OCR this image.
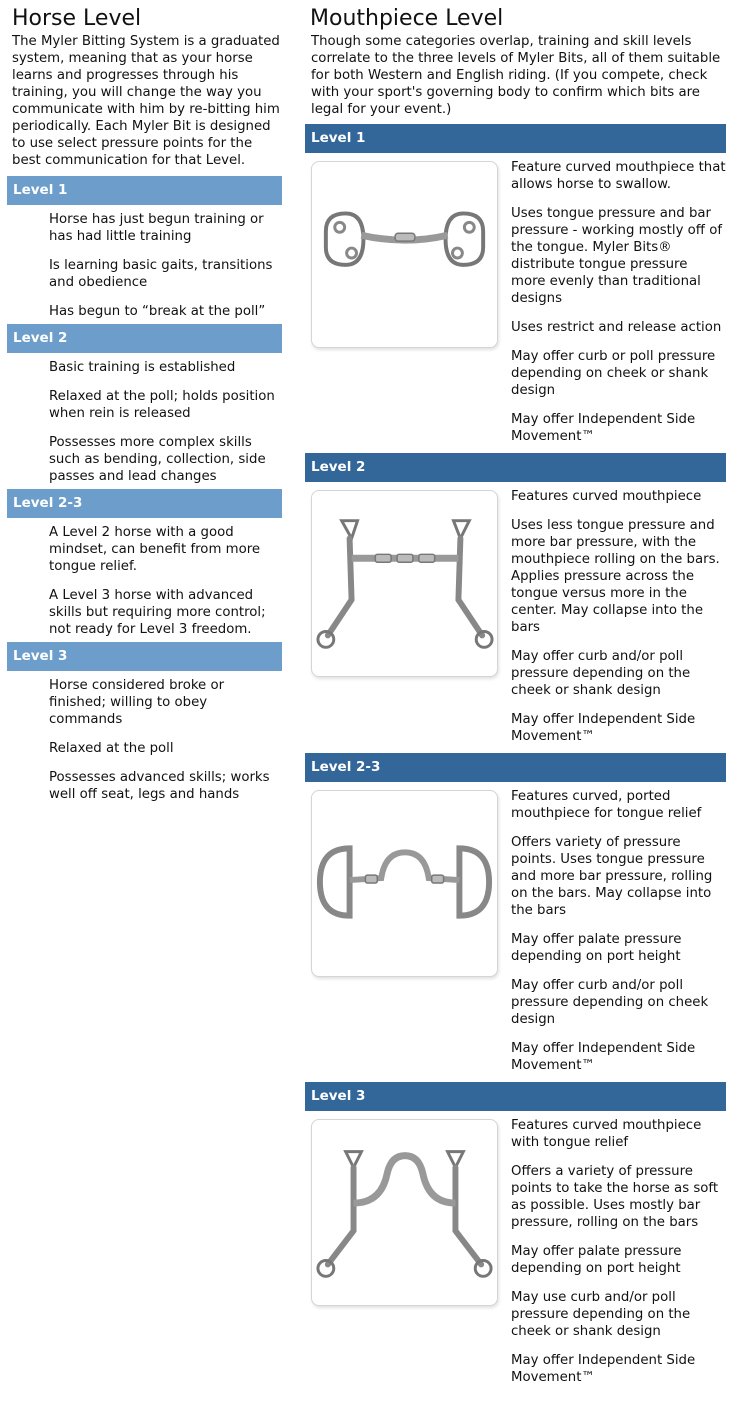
Horse Level

The Myler Bitting System is a graduated system, meaning that as your horse learns and progresses through his training, you will change the way you communicate with him by re-bitting him periodically. Each Myler Bit is designed to use select pressure points for the best communication for that Level.

Level 1
Horse has just begun training or has had little training
Is learning basic gaits, transitions and obedience
Has begun to “break at the poll”
Level 2
Basic training is established
Relaxed at the poll; holds position when rein is released
Possesses more complex skills such as bending, collection, side passes and lead changes
Level 2-3
A Level 2 horse with a good mindset, can benefit from more tongue relief.
A Level 3 horse with advanced skills but requiring more control; not ready for Level 3 freedom.
Level 3
Horse considered broke or finished; willing to obey commands
Relaxed at the poll
Possesses advanced skills; works well off seat, legs and hands
Mouthpiece Level

Though some categories overlap, training and skill levels correlate to the three levels of Myler Bits, all of them suitable for both Western and English riding. (If you compete, check with your sport's governing body to confirm which bits are legal for your event.)

Level 1
Feature curved mouthpiece that allows horse to swallow.
Uses tongue pressure and bar pressure - working mostly off of the tongue. Myler Bits® distribute tongue pressure more evenly than traditional designs
Uses restrict and release action
May offer curb or poll pressure depending on cheek or shank design
May offer Independent Side Movement™
Level 2
Features curved mouthpiece
Uses less tongue pressure and more bar pressure, with the mouthpiece rolling on the bars. Applies pressure across the tongue versus more in the center. May collapse into the bars
May offer curb and/or poll pressure depending on the cheek or shank design
May offer Independent Side Movement™
Level 2-3
Features curved, ported mouthpiece for tongue relief
Offers variety of pressure points. Uses tongue pressure and more bar pressure, rolling on the bars. May collapse into the bars
May offer palate pressure depending on port height
May offer curb and/or poll pressure depending on cheek design
May offer Independent Side Movement™
Level 3
Features curved mouthpiece with tongue relief
Offers a variety of pressure points to take the horse as soft as possible. Uses mostly bar pressure, rolling on the bars
May offer palate pressure depending on port height
May use curb and/or poll pressure depending on the cheek or shank design
May offer Independent Side Movement™
